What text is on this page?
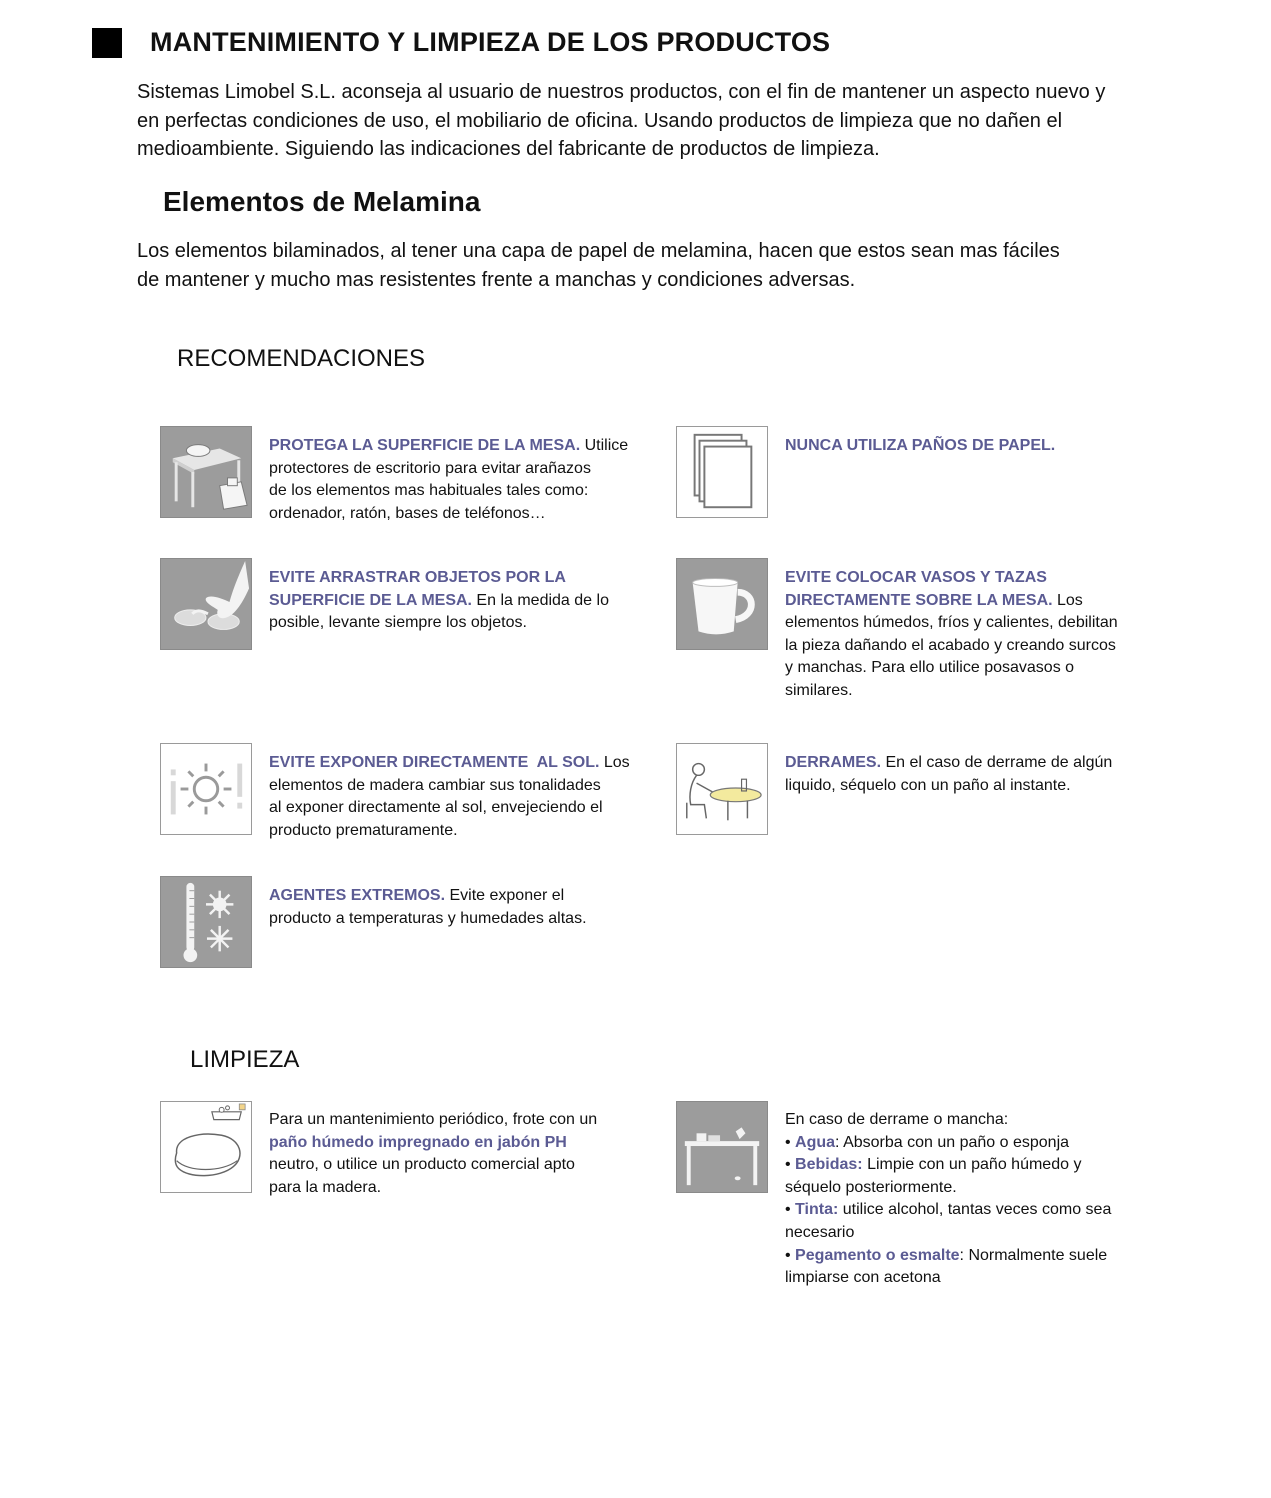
MANTENIMIENTO Y LIMPIEZA DE LOS PRODUCTOS
Sistemas Limobel S.L. aconseja al usuario de nuestros productos, con el fin de mantener un aspecto nuevo y
en perfectas condiciones de uso, el mobiliario de oficina. Usando productos de limpieza que no dañen el
medioambiente. Siguiendo las indicaciones del fabricante de productos de limpieza.
Elementos de Melamina
Los elementos bilaminados, al tener una capa de papel de melamina, hacen que estos sean mas fáciles
de mantener y mucho mas resistentes frente a manchas y condiciones adversas.
RECOMENDACIONES
PROTEGA LA SUPERFICIE DE LA MESA. Utilice
protectores de escritorio para evitar arañazos
de los elementos mas habituales tales como:
ordenador, ratón, bases de teléfonos…
NUNCA UTILIZA PAÑOS DE PAPEL.
EVITE ARRASTRAR OBJETOS POR LA
SUPERFICIE DE LA MESA. En la medida de lo
posible, levante siempre los objetos.
EVITE COLOCAR VASOS Y TAZAS
DIRECTAMENTE SOBRE LA MESA. Los
elementos húmedos, fríos y calientes, debilitan
la pieza dañando el acabado y creando surcos
y manchas. Para ello utilice posavasos o
similares.
EVITE EXPONER DIRECTAMENTE  AL SOL. Los
elementos de madera cambiar sus tonalidades
al exponer directamente al sol, envejeciendo el
producto prematuramente.
DERRAMES. En el caso de derrame de algún
liquido, séquelo con un paño al instante.
AGENTES EXTREMOS. Evite exponer el
producto a temperaturas y humedades altas.
LIMPIEZA
Para un mantenimiento periódico, frote con un
paño húmedo impregnado en jabón PH
neutro, o utilice un producto comercial apto
para la madera.
En caso de derrame o mancha:
• Agua: Absorba con un paño o esponja
• Bebidas: Limpie con un paño húmedo y
séquelo posteriormente.
• Tinta: utilice alcohol, tantas veces como sea
necesario
• Pegamento o esmalte: Normalmente suele
limpiarse con acetona
